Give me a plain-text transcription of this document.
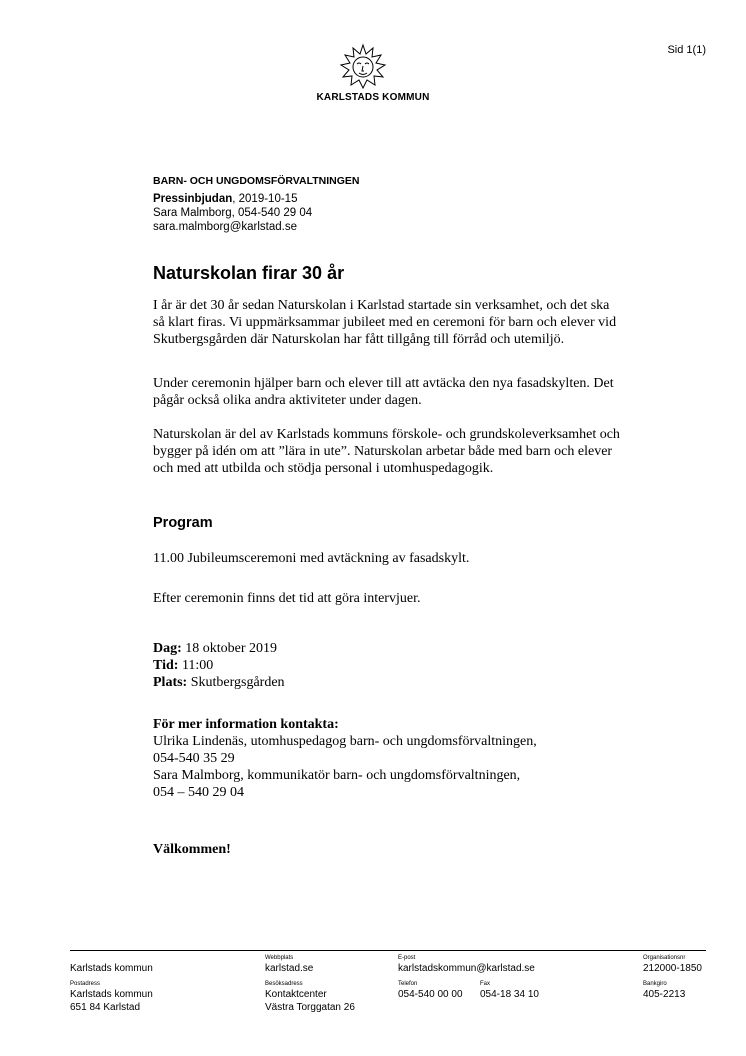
Sid 1(1)
KARLSTADS KOMMUN
BARN- OCH UNGDOMSFÖRVALTNINGEN
Pressinbjudan, 2019-10-15
Sara Malmborg, 054-540 29 04
sara.malmborg@karlstad.se
Naturskolan firar 30 år
I år är det 30 år sedan Naturskolan i Karlstad startade sin verksamhet, och det ska så klart firas. Vi uppmärksammar jubileet med en ceremoni för barn och elever vid Skutbergsgården där Naturskolan har fått tillgång till förråd och utemiljö.
Under ceremonin hjälper barn och elever till att avtäcka den nya fasadskylten. Det pågår också olika andra aktiviteter under dagen.
Naturskolan är del av Karlstads kommuns förskole- och grundskoleverksamhet och bygger på idén om att ”lära in ute”. Naturskolan arbetar både med barn och elever och med att utbilda och stödja personal i utomhuspedagogik.
Program
11.00 Jubileumsceremoni med avtäckning av fasadskylt.
Efter ceremonin finns det tid att göra intervjuer.
Dag: 18 oktober 2019
Tid: 11:00
Plats: Skutbergsgården
För mer information kontakta:
Ulrika Lindenäs, utomhuspedagog barn- och ungdomsförvaltningen,
054-540 35 29
Sara Malmborg, kommunikatör barn- och ungdomsförvaltningen,
054 – 540 29 04
Välkommen!
Karlstads kommun
Webbplats
karlstad.se
E-post
karlstadskommun@karlstad.se
Organisationsnr
212000-1850
Postadress
Karlstads kommun
651 84 Karlstad
Besöksadress
Kontaktcenter
Västra Torggatan 26
Telefon
054-540 00 00
Fax
054-18 34 10
Bankgiro
405-2213
